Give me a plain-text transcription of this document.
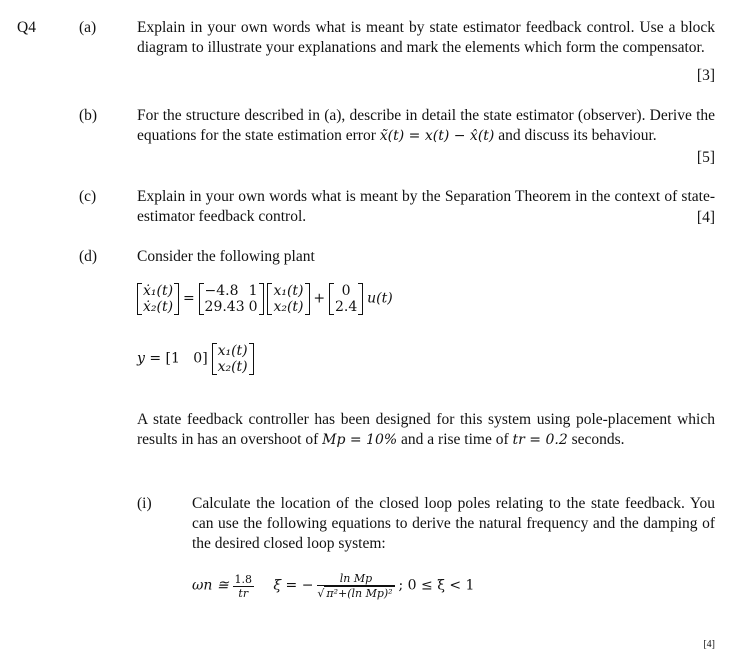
Q4	(a)	Explain in your own words what is meant by state estimator feedback control. Use a block diagram to illustrate your explanations and mark the elements which form the compensator.
[3]
(b)	For the structure described in (a), describe in detail the state estimator (observer). Derive the equations for the state estimation error x̃(t) = x(t) − x̂(t) and discuss its behaviour.
[5]
(c)	Explain in your own words what is meant by the Separation Theorem in the context of state-estimator feedback control.	[4]
(d)	Consider the following plant
ẋ₁(t)
ẋ₂(t)
= −4.8	1
29.43	0

x₁(t)
x₂(t)
+ 0
2.4
u(t)
y = [1 0] x₁(t)
x₂(t)
A state feedback controller has been designed for this system using pole-placement which results in has an overshoot of Mp = 10% and a rise time of tr = 0.2 seconds.
(i)	Calculate the location of the closed loop poles relating to the state feedback. You can use the following equations to derive the natural frequency and the damping of the desired closed loop system:
ωn ≅ $\frac{1.8}{tr}$ ξ = − $\frac{\text{ln Mp}}{\text{√ π²+(ln Mp)²}}$ ; 0 ≤ ξ < 1
[4]
